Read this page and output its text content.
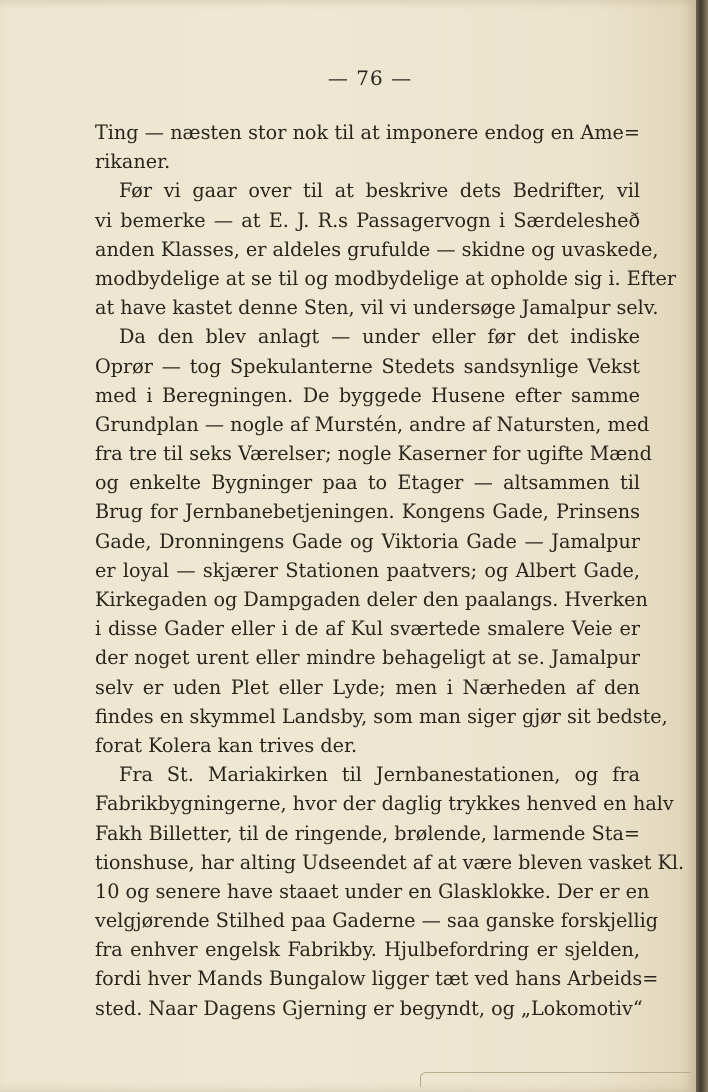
— 76 —
Ting — næsten stor nok til at imponere endog en Ame=
rikaner.
Før vi gaar over til at beskrive dets Bedrifter, vil
vi bemerke — at E. J. R.s Passagervogn i Særdelesheð
anden Klasses, er aldeles grufulde — skidne og uvaskede,
modbydelige at se til og modbydelige at opholde sig i. Efter
at have kastet denne Sten, vil vi undersøge Jamalpur selv.
Da den blev anlagt — under eller før det indiske
Oprør — tog Spekulanterne Stedets sandsynlige Vekst
med i Beregningen. De byggede Husene efter samme
Grundplan — nogle af Murstén, andre af Natursten, med
fra tre til seks Værelser; nogle Kaserner for ugifte Mænd
og enkelte Bygninger paa to Etager — altsammen til
Brug for Jernbanebetjeningen. Kongens Gade, Prinsens
Gade, Dronningens Gade og Viktoria Gade — Jamalpur
er loyal — skjærer Stationen paatvers; og Albert Gade,
Kirkegaden og Dampgaden deler den paalangs. Hverken
i disse Gader eller i de af Kul sværtede smalere Veie er
der noget urent eller mindre behageligt at se. Jamalpur
selv er uden Plet eller Lyde; men i Nærheden af den
findes en skymmel Landsby, som man siger gjør sit bedste,
forat Kolera kan trives der.
Fra St. Mariakirken til Jernbanestationen, og fra
Fabrikbygningerne, hvor der daglig trykkes henved en halv
Fakh Billetter, til de ringende, brølende, larmende Sta=
tionshuse, har alting Udseendet af at være bleven vasket Kl.
10 og senere have staaet under en Glasklokke. Der er en
velgjørende Stilhed paa Gaderne — saa ganske forskjellig
fra enhver engelsk Fabrikby. Hjulbefordring er sjelden,
fordi hver Mands Bungalow ligger tæt ved hans Arbeids=
sted. Naar Dagens Gjerning er begyndt, og „Lokomotiv“
